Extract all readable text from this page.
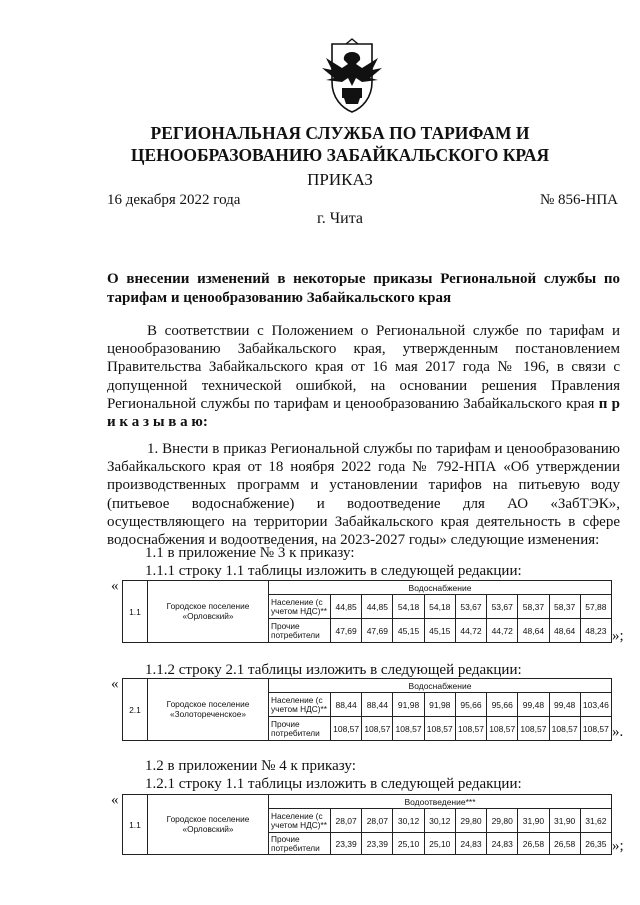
РЕГИОНАЛЬНАЯ СЛУЖБА ПО ТАРИФАМ И
ЦЕНООБРАЗОВАНИЮ ЗАБАЙКАЛЬСКОГО КРАЯ
ПРИКАЗ
16 декабря 2022 года	№ 856-НПА
г. Чита
О внесении изменений в некоторые приказы Региональной службы по тарифам и ценообразованию Забайкальского края
В соответствии с Положением о Региональной службе по тарифам и ценообразованию Забайкальского края, утвержденным постановлением Правительства Забайкальского края от 16 мая 2017 года № 196, в связи с допущенной технической ошибкой, на основании решения Правления Региональной службы по тарифам и ценообразованию Забайкальского края п р и к а з ы в а ю:
1. Внести в приказ Региональной службы по тарифам и ценообразованию Забайкальского края от 18 ноября 2022 года № 792-НПА «Об утверждении производственных программ и установлении тарифов на питьевую воду (питьевое водоснабжение) и водоотведение для АО «ЗабТЭК», осуществляющего на территории Забайкальского края деятельность в сфере водоснабжения и водоотведения, на 2023-2027 годы» следующие изменения:
1.1 в приложение № 3 к приказу:
1.1.1 строку 1.1 таблицы изложить в следующей редакции:
«
1.1	Городское поселение «Орловский»	Водоснабжение									
		Население (с учетом НДС)**	44,85	44,85	54,18	54,18	53,67	53,67	58,37	58,37	57,88
		Прочие потребители	47,69	47,69	45,15	45,15	44,72	44,72	48,64	48,64	48,23 »;
1.1.2 строку 2.1 таблицы изложить в следующей редакции:
«
2.1	Городское поселение «Золотореченское»	Водоснабжение									
		Население (с учетом НДС)**	88,44	88,44	91,98	91,98	95,66	95,66	99,48	99,48	103,46
		Прочие потребители	108,57	108,57	108,57	108,57	108,57	108,57	108,57	108,57	108,57 ».
1.2 в приложении № 4 к приказу:
1.2.1 строку 1.1 таблицы изложить в следующей редакции:
«
1.1	Городское поселение «Орловский»	Водоотведение***									
		Население (с учетом НДС)**	28,07	28,07	30,12	30,12	29,80	29,80	31,90	31,90	31,62
		Прочие потребители	23,39	23,39	25,10	25,10	24,83	24,83	26,58	26,58	26,35 »;
